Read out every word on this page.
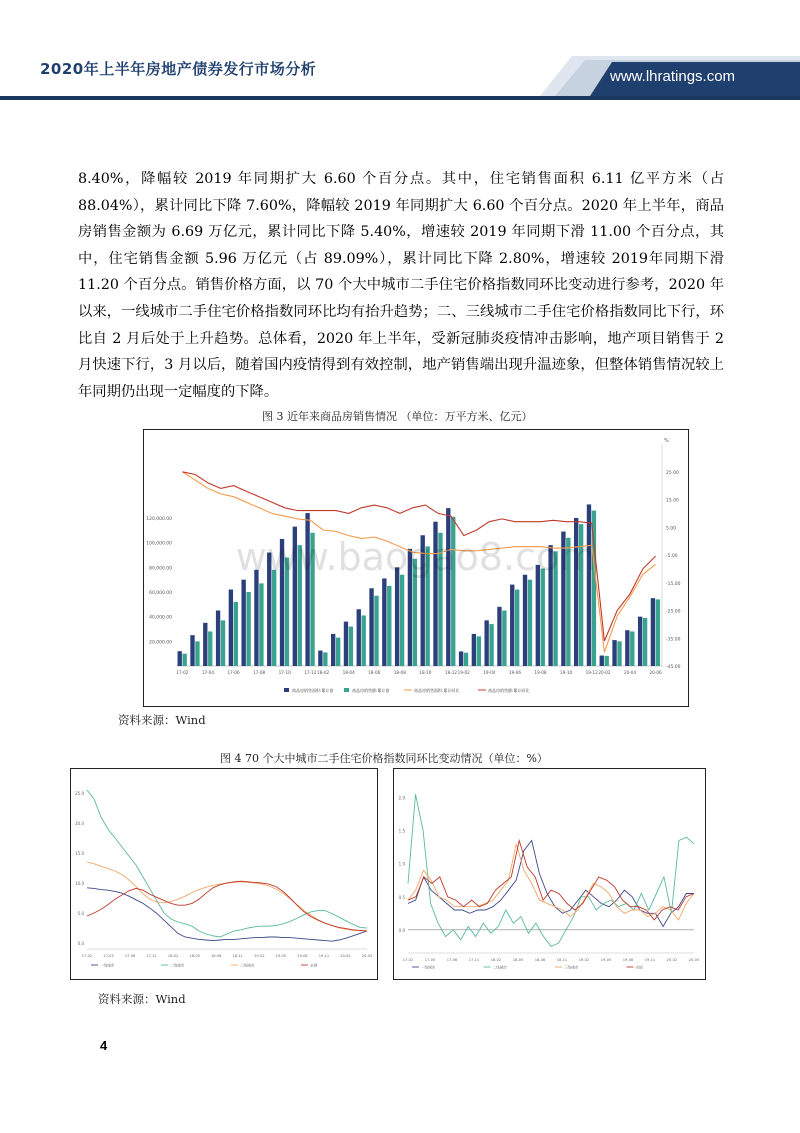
2020年上半年房地产债券发行市场分析	www.lhratings.com
8.40%，降幅较 2019 年同期扩大 6.60 个百分点。其中，住宅销售面积 6.11 亿平方米（占88.04%），累计同比下降 7.60%，降幅较 2019 年同期扩大 6.60 个百分点。2020 年上半年，商品房销售金额为 6.69 万亿元，累计同比下降 5.40%，增速较 2019 年同期下滑 11.00 个百分点，其中，住宅销售金额 5.96 万亿元（占 89.09%），累计同比下降 2.80%，增速较 2019年同期下滑 11.20 个百分点。销售价格方面，以 70 个大中城市二手住宅价格指数同环比变动进行参考，2020 年以来，一线城市二手住宅价格指数同环比均有抬升趋势；二、三线城市二手住宅价格指数同比下行，环比自 2 月后处于上升趋势。总体看，2020 年上半年，受新冠肺炎疫情冲击影响，地产项目销售于 2 月快速下行，3 月以后，随着国内疫情得到有效控制，地产销售端出现升温迹象，但整体销售情况较上年同期仍出现一定幅度的下降。
图 3 近年来商品房销售情况 （单位：万平方米、亿元）
20,000.00
40,000.00
60,000.00
80,000.00
100,000.00
120,000.00
25.00
15.00
5.00
-5.00
-15.00
-25.00
-35.00
-45.00
%
17-02	17-04	17-06	17-08	17-10	17-12 18-02	18-04	18-06	18-08	18-10	18-12 19-02	19-04	19-06	19-08	19-10	19-12 20-02	20-04	20-06
商品房销售面积:累计值	商品房销售额:累计值	商品房销售面积:累计同比	商品房销售额:累计同比
www.baogao8.com
资料来源：Wind
图 4 70 个大中城市二手住宅价格指数同环比变动情况（单位：%）
25.0
20.0
15.0
10.0
5.0
0.0
17-02	17-05	17-08	17-11	18-02	18-05	18-08	18-11	19-02	19-05	19-08	19-11	20-02	20-05
一线城市	二线城市	三线城市	全国
2.0
1.5
1.0
0.5
0.0
17-02	17-05	17-08	17-11	18-02	18-05	18-08	18-11	19-02	19-05	19-08	19-11	20-02	20-05
一线城市	二线城市	三线城市	全国
资料来源：Wind
4
